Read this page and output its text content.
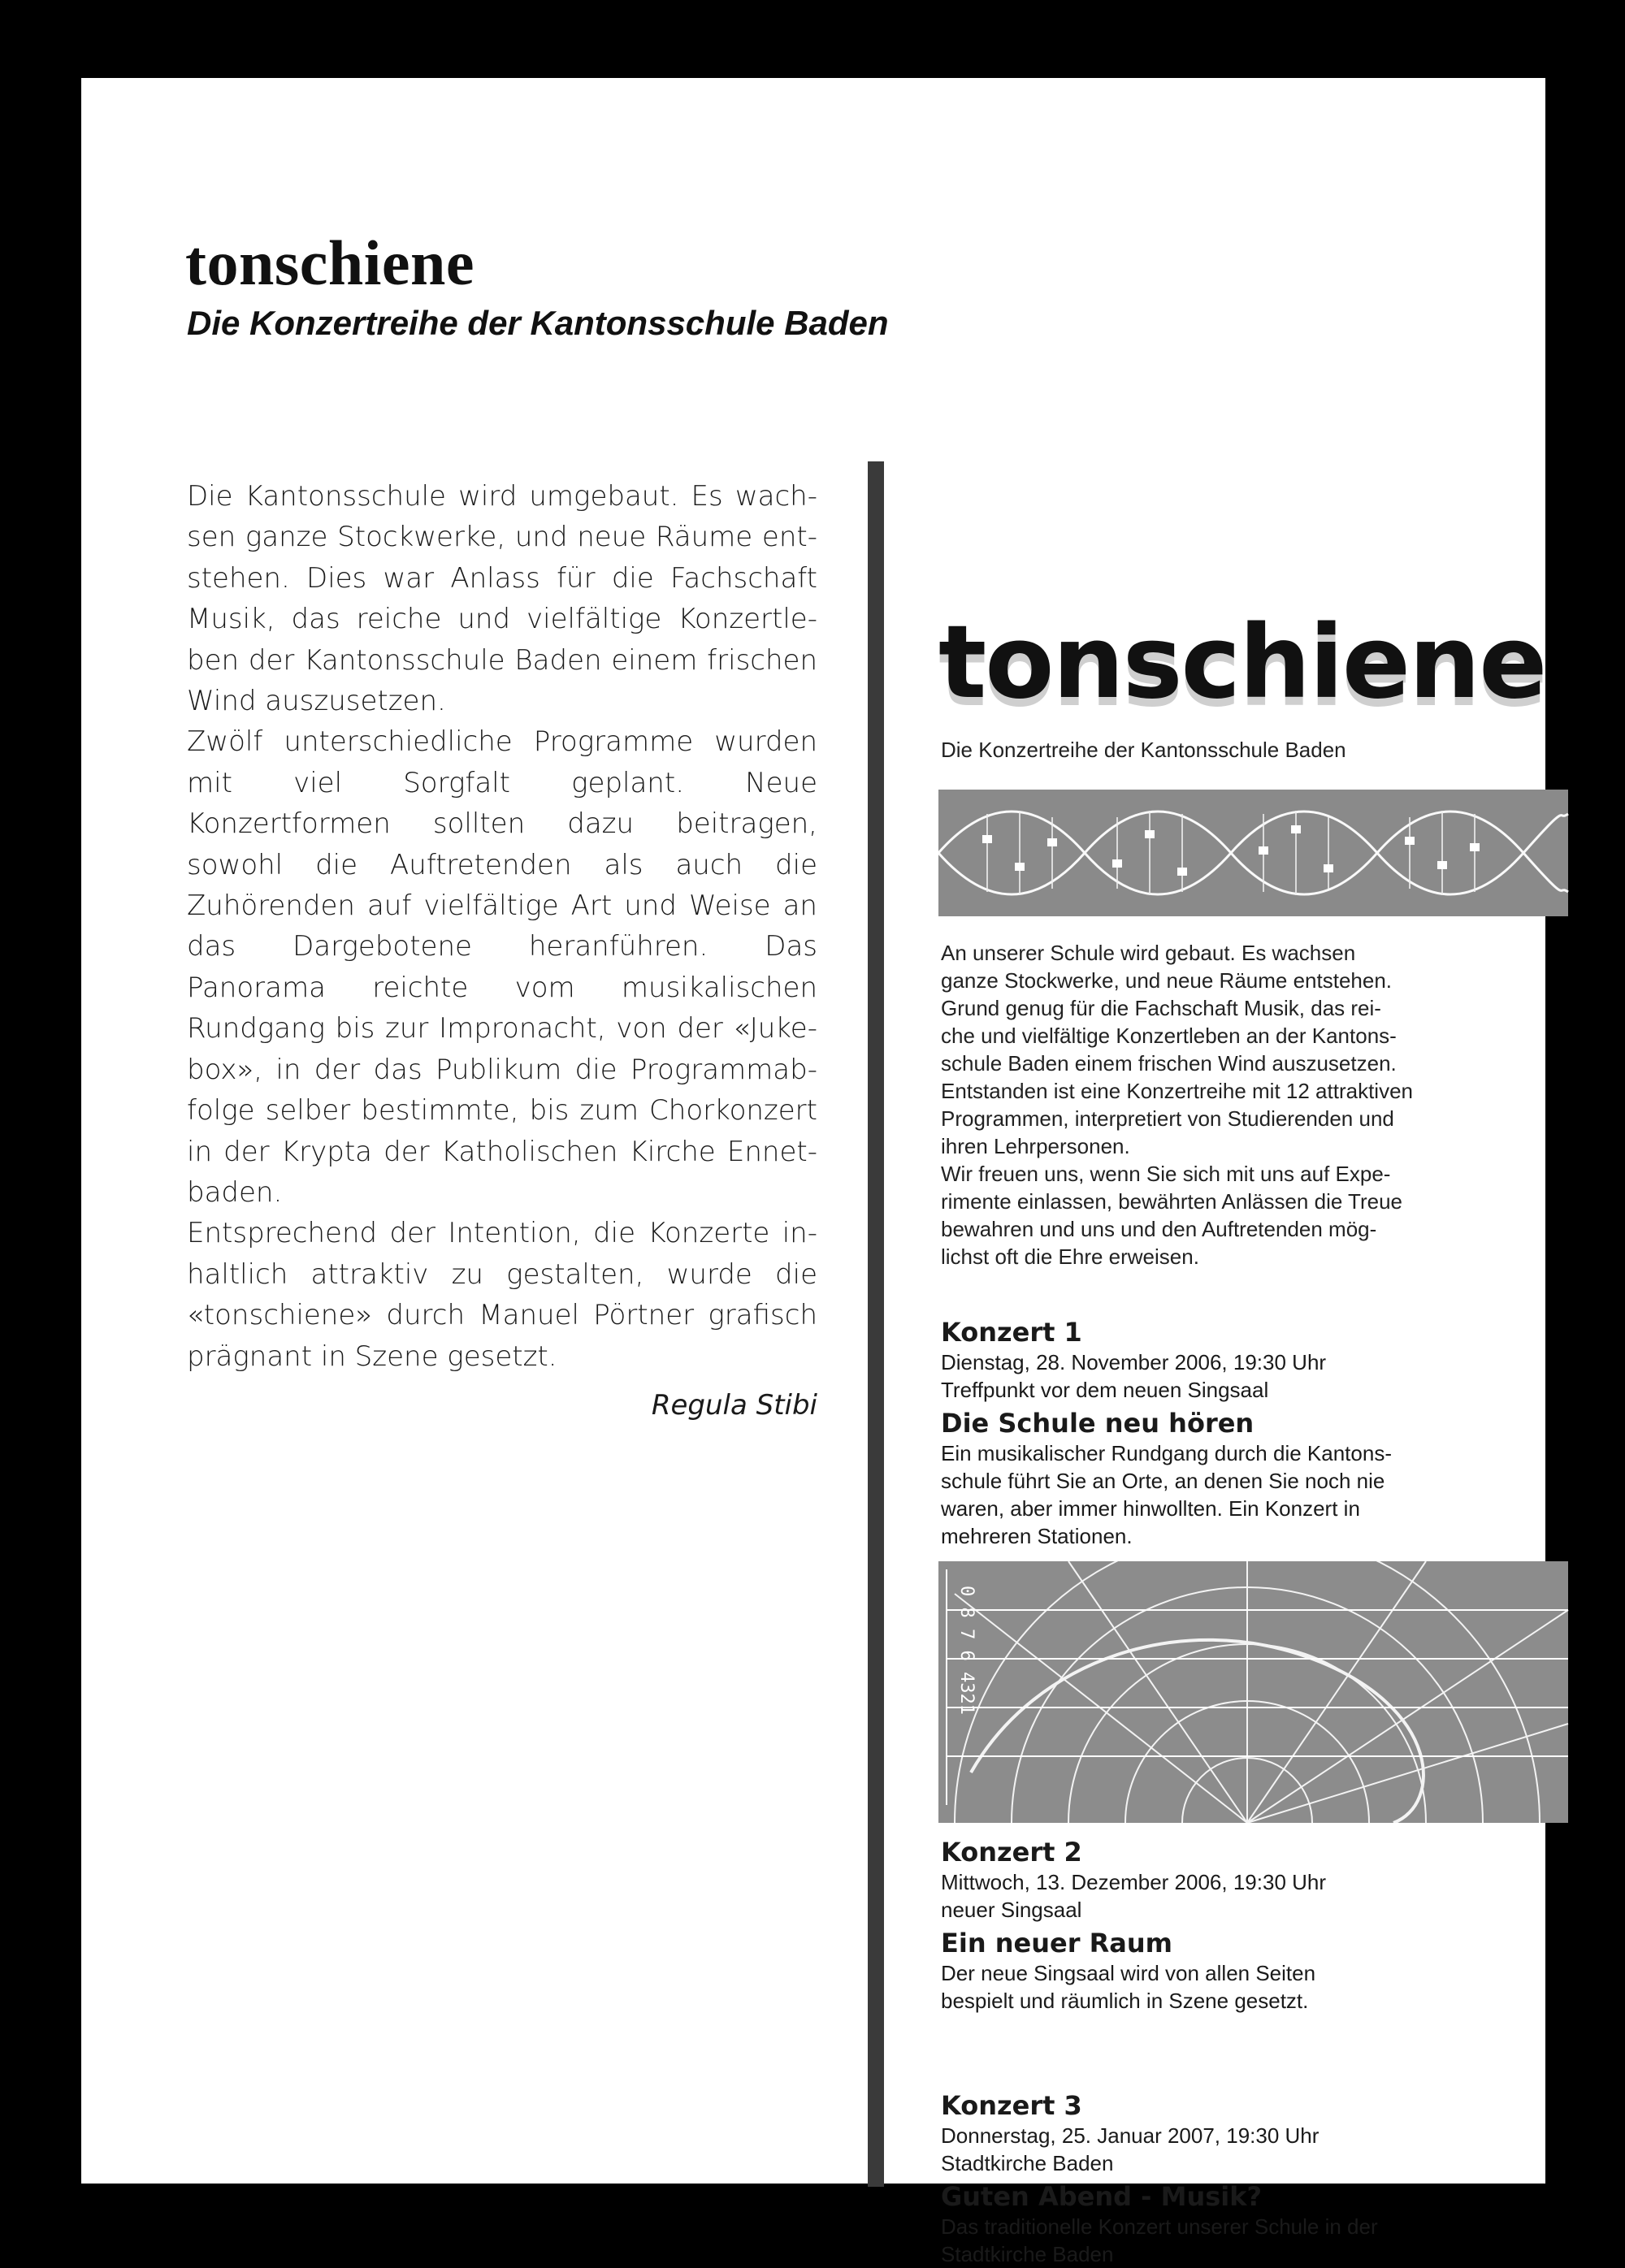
tonschiene
Die Konzertreihe der Kantonsschule Baden

Die Kantonsschule wird umgebaut. Es wachsen ganze Stockwerke, und neue Räume entstehen. Dies war Anlass für die Fachschaft Musik, das reiche und vielfältige Konzertleben der Kantonsschule Baden einem frischen Wind auszusetzen.

Zwölf unterschiedliche Programme wurden mit viel Sorgfalt geplant. Neue Konzertformen sollten dazu beitragen, sowohl die Auftretenden als auch die Zuhörenden auf vielfältige Art und Weise an das Dargebotene heranführen. Das Panorama reichte vom musikalischen Rundgang bis zur Impronacht, von der «Jukebox», in der das Publikum die Programmabfolge selber bestimmte, bis zum Chorkonzert in der Krypta der Katholischen Kirche Ennetbaden.

Entsprechend der Intention, die Konzerte inhaltlich attraktiv zu gestalten, wurde die «tonschiene» durch Manuel Pörtner grafisch prägnant in Szene gesetzt.

Regula Stibi
tonschiene

Die Konzertreihe der Kantonsschule Baden

An unserer Schule wird gebaut. Es wachsen

ganze Stockwerke, und neue Räume entstehen.

Grund genug für die Fachschaft Musik, das rei-

che und vielfältige Konzertleben an der Kantons-

schule Baden einem frischen Wind auszusetzen.

Entstanden ist eine Konzertreihe mit 12 attraktiven

Programmen, interpretiert von Studierenden und

ihren Lehrpersonen.

Wir freuen uns, wenn Sie sich mit uns auf Expe-

rimente einlassen, bewährten Anlässen die Treue

bewahren und uns und den Auftretenden mög-

lichst oft die Ehre erweisen.

Konzert 1

Dienstag, 28. November 2006, 19:30 Uhr

Treffpunkt vor dem neuen Singsaal

Die Schule neu hören

Ein musikalischer Rundgang durch die Kantons-

schule führt Sie an Orte, an denen Sie noch nie

waren, aber immer hinwollten. Ein Konzert in

mehreren Stationen.

0 8 7 6 4321

Konzert 2

Mittwoch, 13. Dezember 2006, 19:30 Uhr

neuer Singsaal

Ein neuer Raum

Der neue Singsaal wird von allen Seiten

bespielt und räumlich in Szene gesetzt.

Konzert 3

Donnerstag, 25. Januar 2007, 19:30 Uhr

Stadtkirche Baden

Guten Abend - Musik?

Das traditionelle Konzert unserer Schule in der

Stadtkirche Baden
